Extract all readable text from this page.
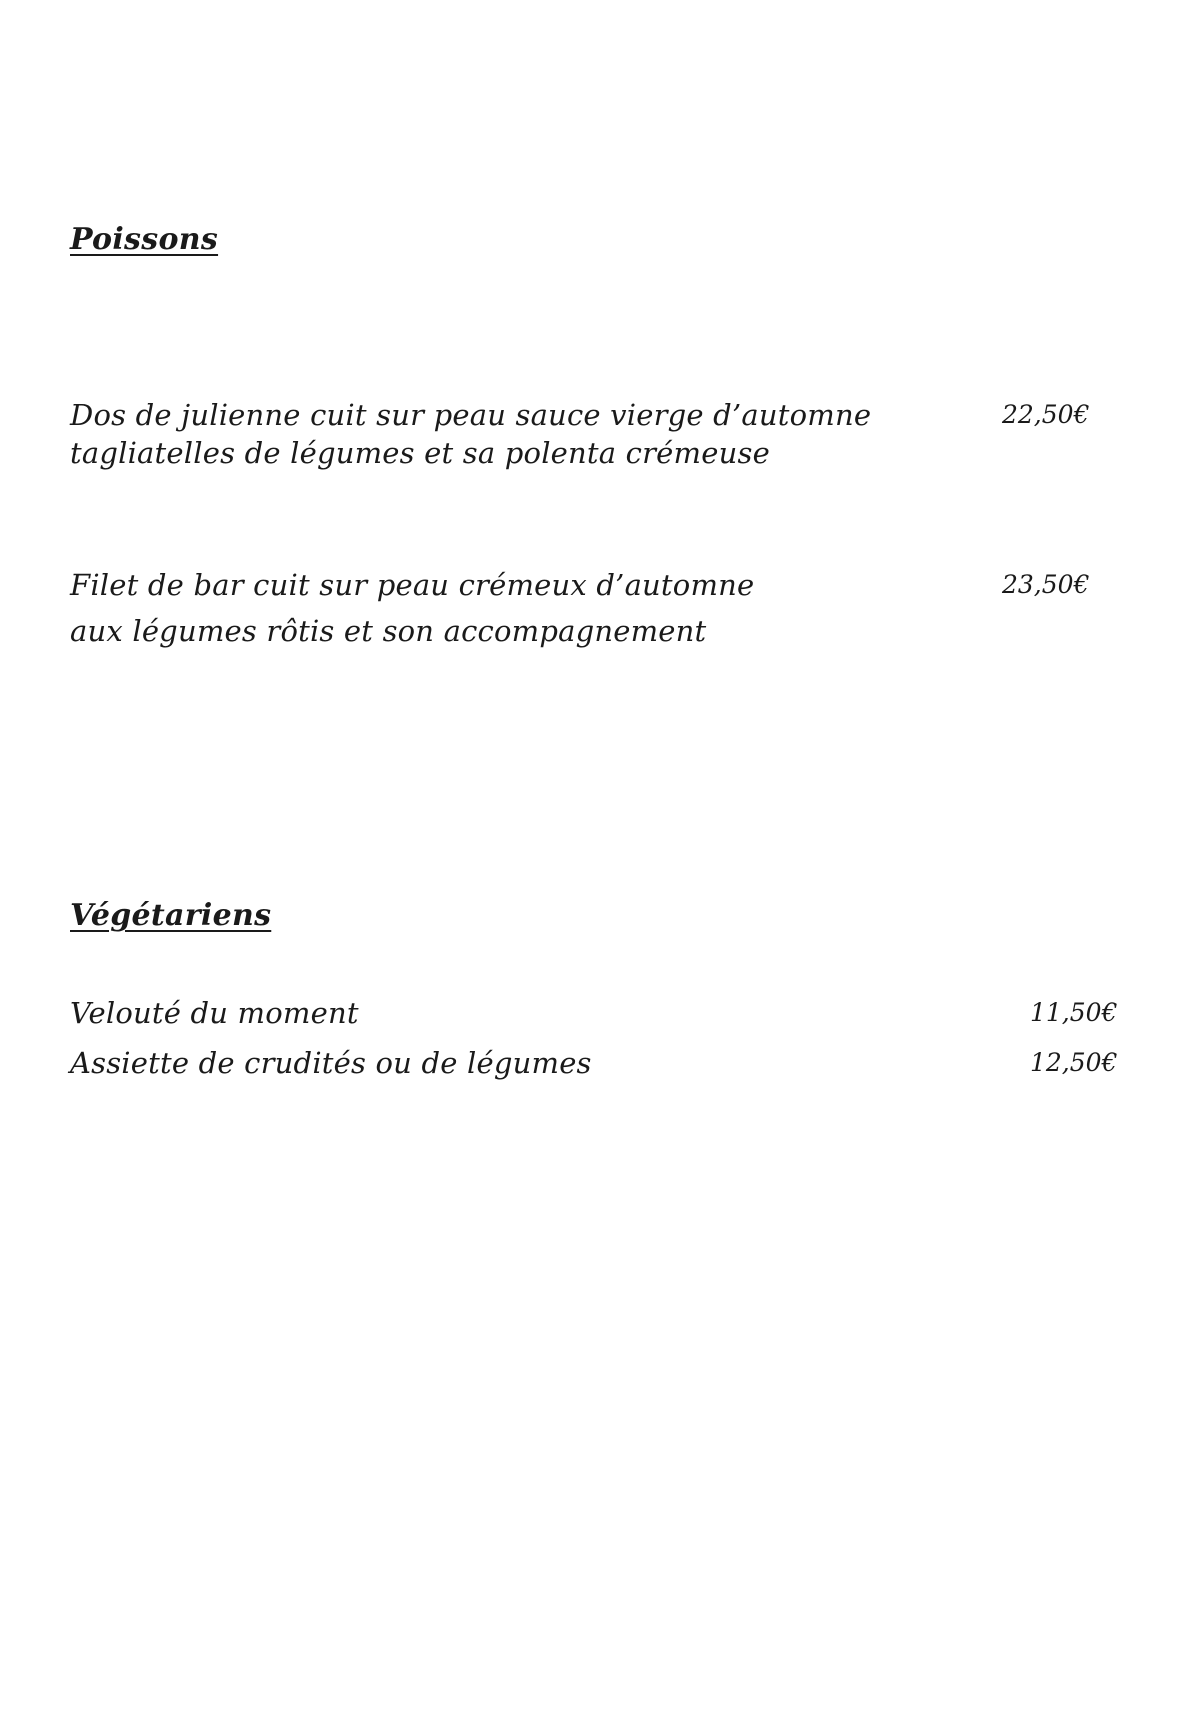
Poissons
Dos de julienne cuit sur peau sauce vierge d’automne
tagliatelles de légumes et sa polenta crémeuse
22,50€
Filet de bar cuit sur peau crémeux d’automne
aux légumes rôtis et son accompagnement
23,50€
Végétariens
Velouté du moment	11,50€
Assiette de crudités ou de légumes	12,50€
